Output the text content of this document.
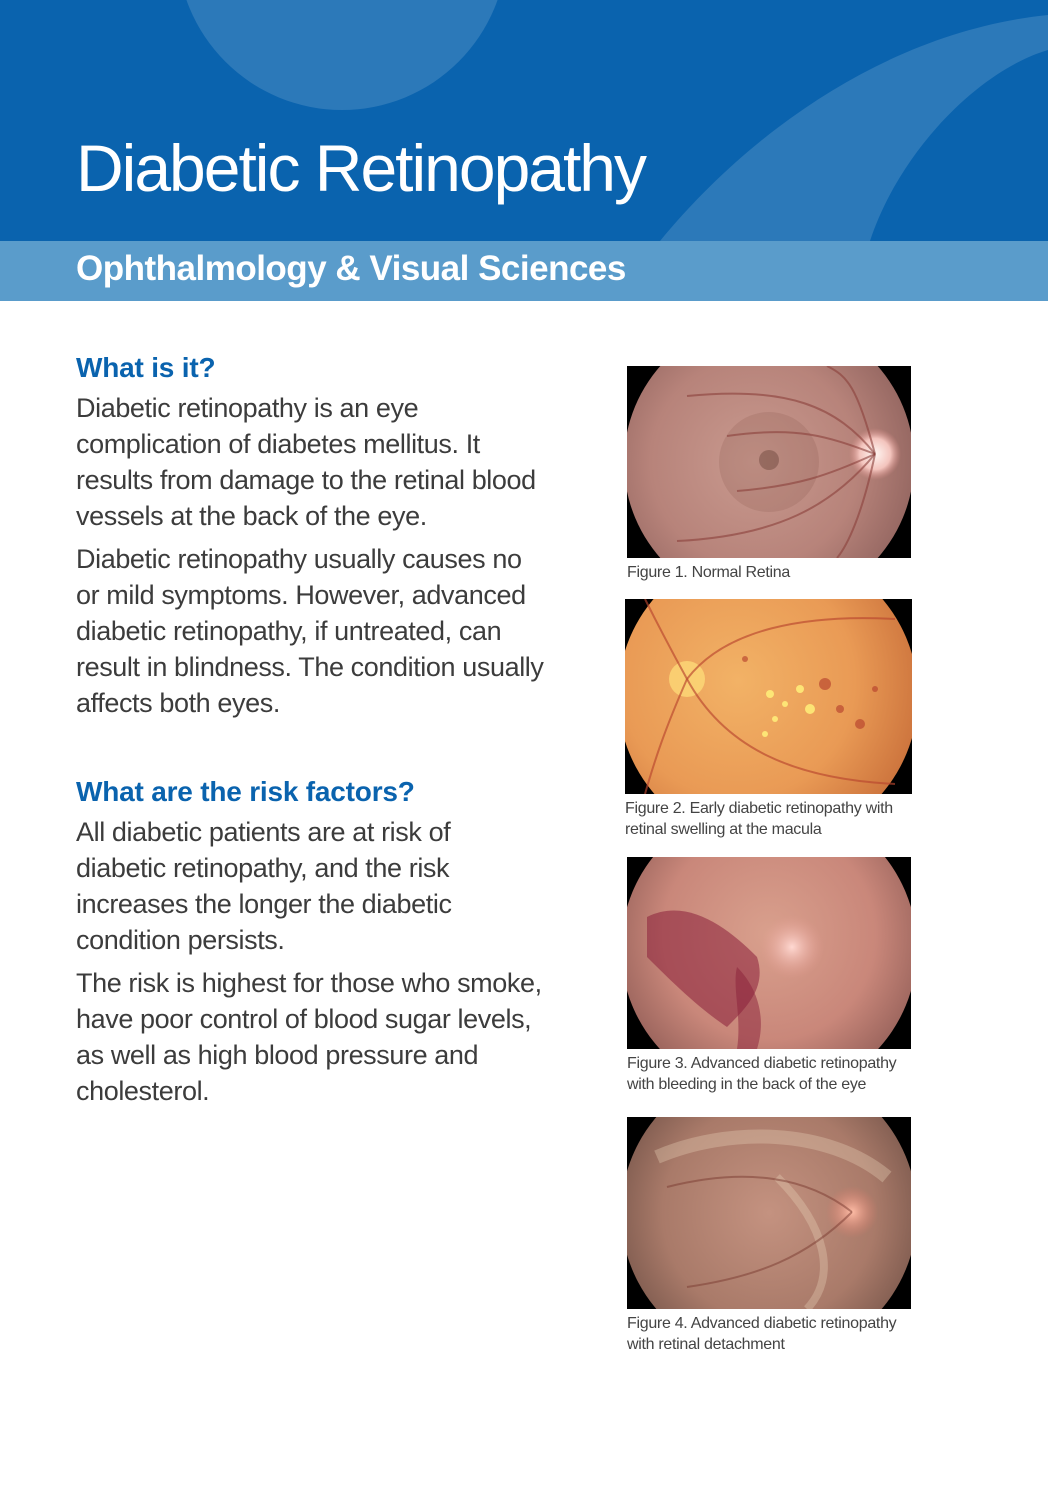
Diabetic Retinopathy
Ophthalmology & Visual Sciences
What is it?

Diabetic retinopathy is an eye complication of diabetes mellitus. It results from damage to the retinal blood vessels at the back of the eye.

Diabetic retinopathy usually causes no or mild symptoms. However, advanced diabetic retinopathy, if untreated, can result in blindness. The condition usually affects both eyes.

What are the risk factors?

All diabetic patients are at risk of diabetic retinopathy, and the risk increases the longer the diabetic condition persists.

The risk is highest for those who smoke, have poor control of blood sugar levels, as well as high blood pressure and cholesterol.

Figure 1. Normal Retina
Figure 2. Early diabetic retinopathy with retinal swelling at the macula
Figure 3. Advanced diabetic retinopathy with bleeding in the back of the eye
Figure 4. Advanced diabetic retinopathy with retinal detachment
